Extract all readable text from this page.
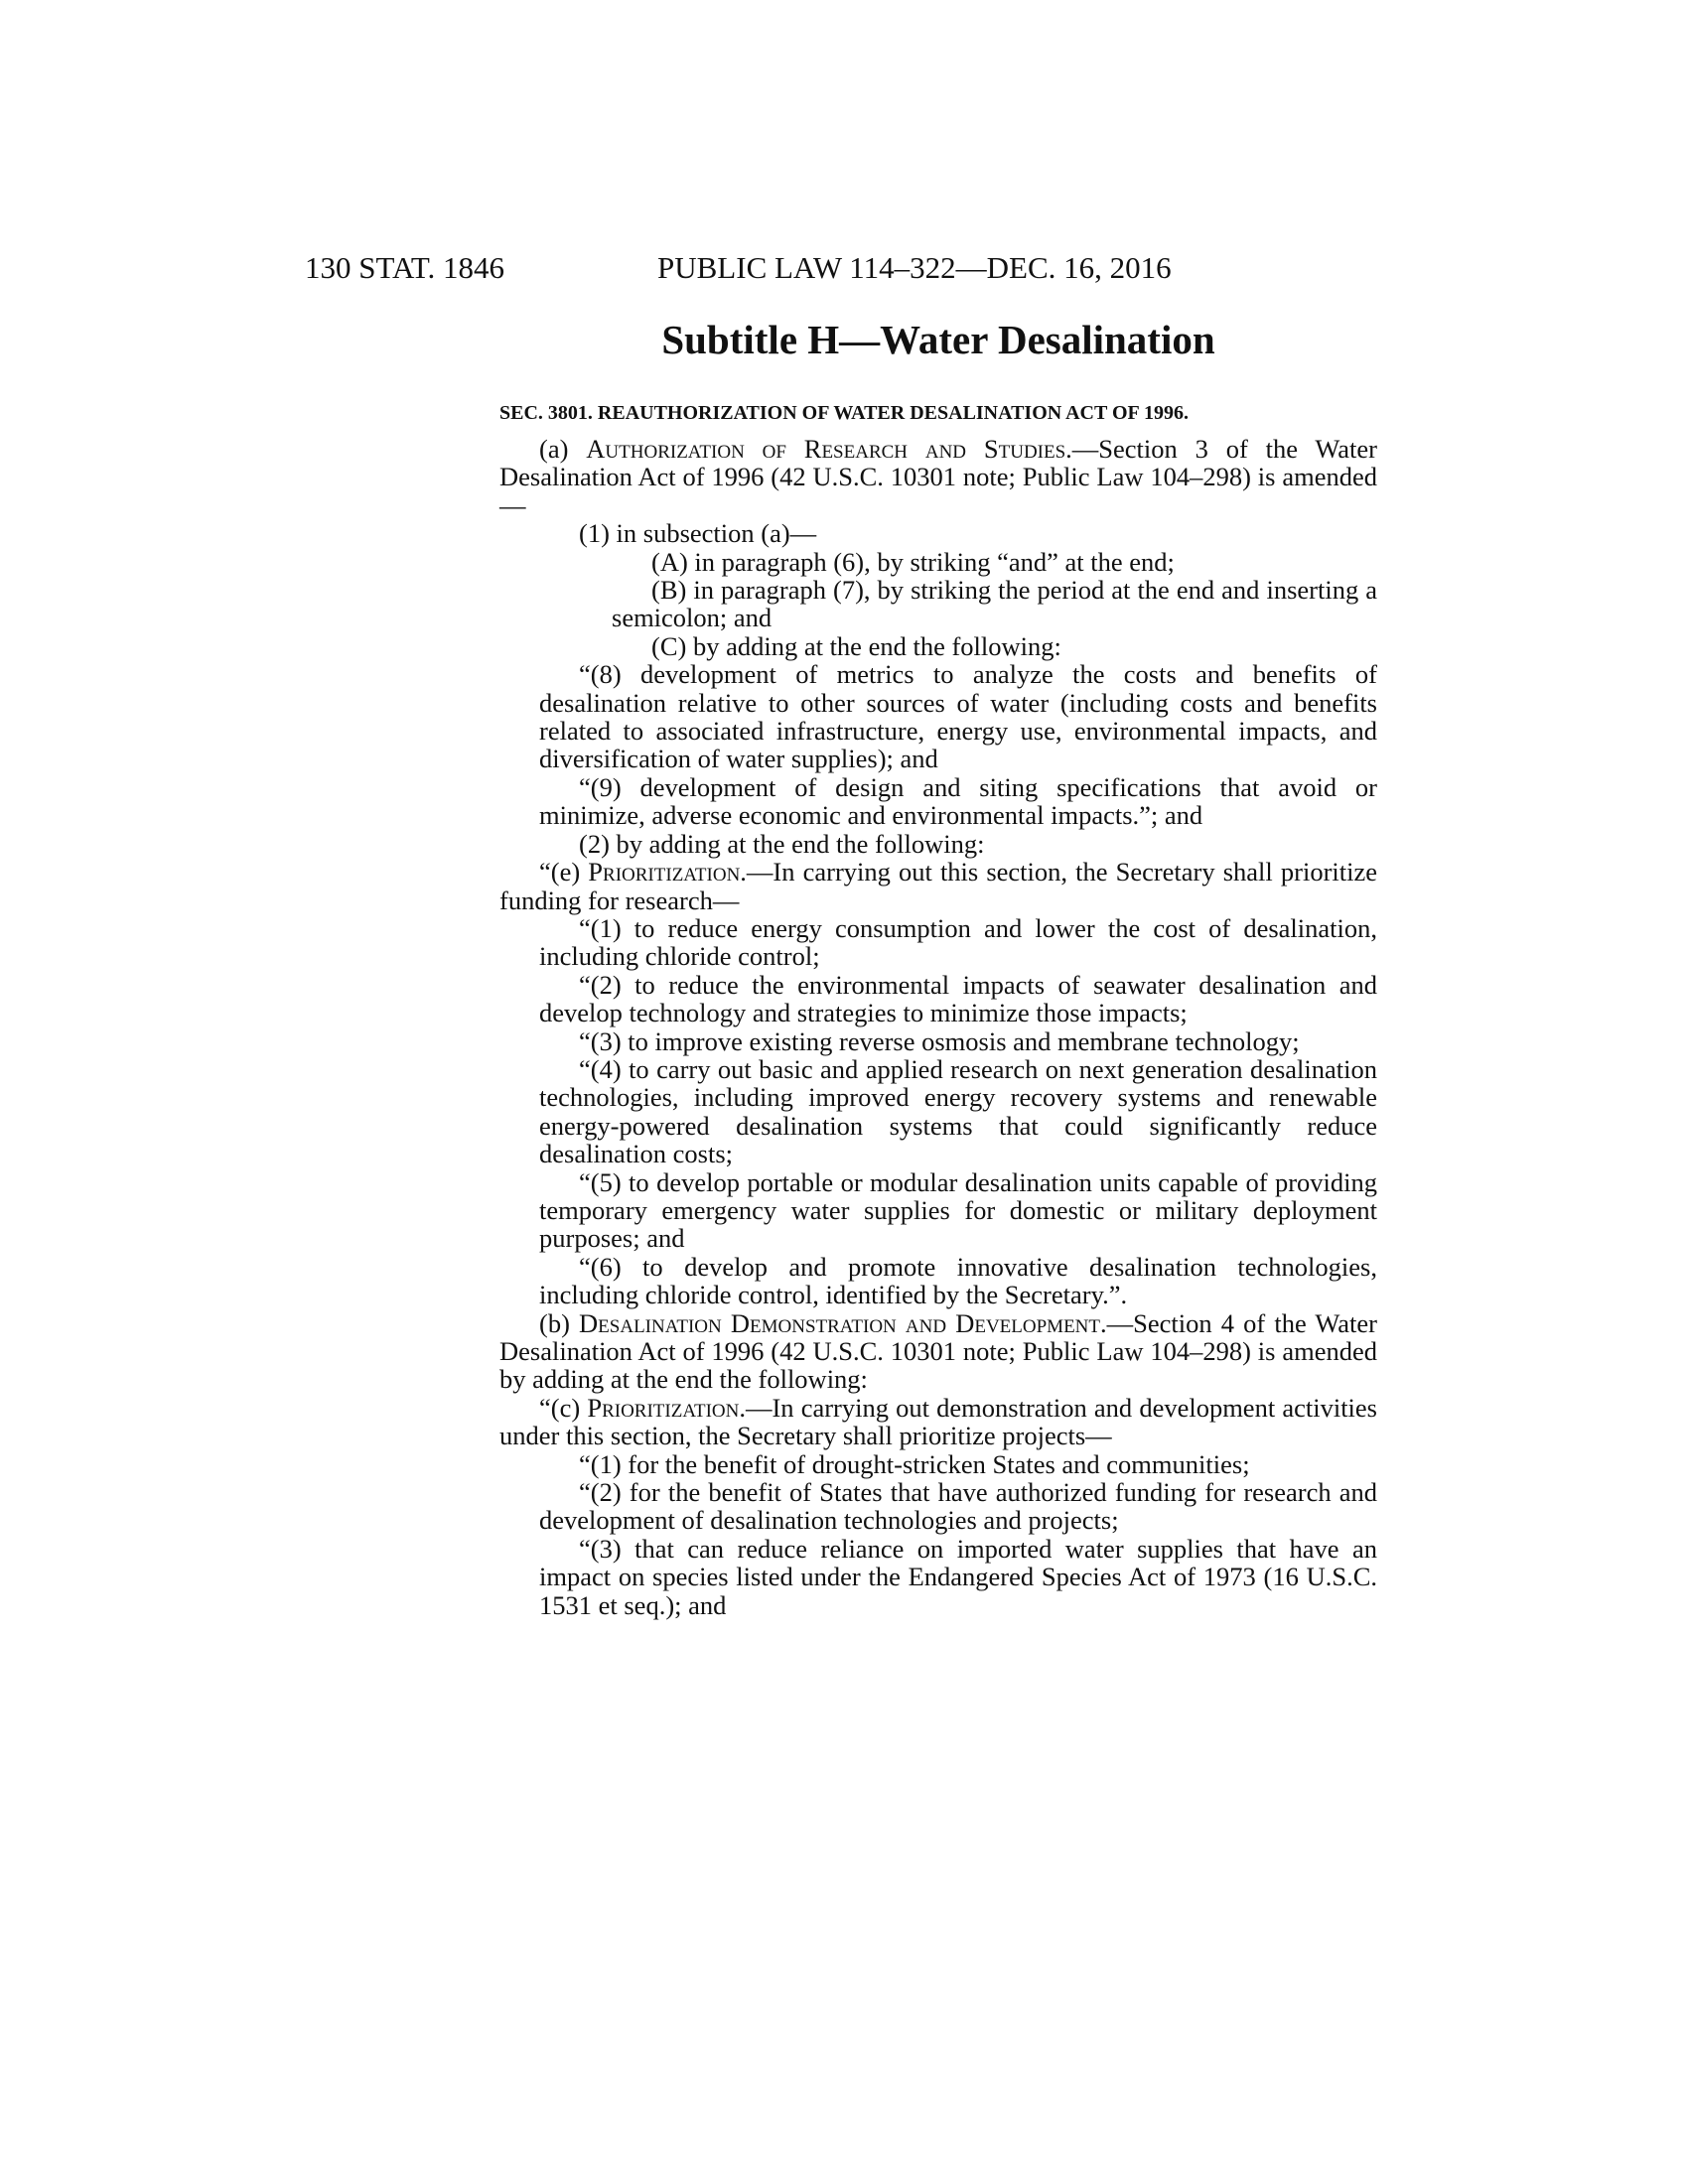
130 STAT. 1846	PUBLIC LAW 114–322—DEC. 16, 2016
Subtitle H—Water Desalination
SEC. 3801. REAUTHORIZATION OF WATER DESALINATION ACT OF 1996.

(a) Authorization of Research and Studies.—Section 3 of the Water Desalination Act of 1996 (42 U.S.C. 10301 note; Public Law 104–298) is amended—

(1) in subsection (a)—

(A) in paragraph (6), by striking “and” at the end;

(B) in paragraph (7), by striking the period at the end and inserting a semicolon; and

(C) by adding at the end the following:

“(8) development of metrics to analyze the costs and benefits of desalination relative to other sources of water (including costs and benefits related to associated infrastructure, energy use, environmental impacts, and diversification of water supplies); and

“(9) development of design and siting specifications that avoid or minimize, adverse economic and environmental impacts.”; and

(2) by adding at the end the following:

“(e) Prioritization.—In carrying out this section, the Secretary shall prioritize funding for research—

“(1) to reduce energy consumption and lower the cost of desalination, including chloride control;

“(2) to reduce the environmental impacts of seawater desalination and develop technology and strategies to minimize those impacts;

“(3) to improve existing reverse osmosis and membrane technology;

“(4) to carry out basic and applied research on next generation desalination technologies, including improved energy recovery systems and renewable energy-powered desalination systems that could significantly reduce desalination costs;

“(5) to develop portable or modular desalination units capable of providing temporary emergency water supplies for domestic or military deployment purposes; and

“(6) to develop and promote innovative desalination technologies, including chloride control, identified by the Secretary.”.

(b) Desalination Demonstration and Development.—Section 4 of the Water Desalination Act of 1996 (42 U.S.C. 10301 note; Public Law 104–298) is amended by adding at the end the following:

“(c) Prioritization.—In carrying out demonstration and development activities under this section, the Secretary shall prioritize projects—

“(1) for the benefit of drought-stricken States and communities;

“(2) for the benefit of States that have authorized funding for research and development of desalination technologies and projects;

“(3) that can reduce reliance on imported water supplies that have an impact on species listed under the Endangered Species Act of 1973 (16 U.S.C. 1531 et seq.); and
